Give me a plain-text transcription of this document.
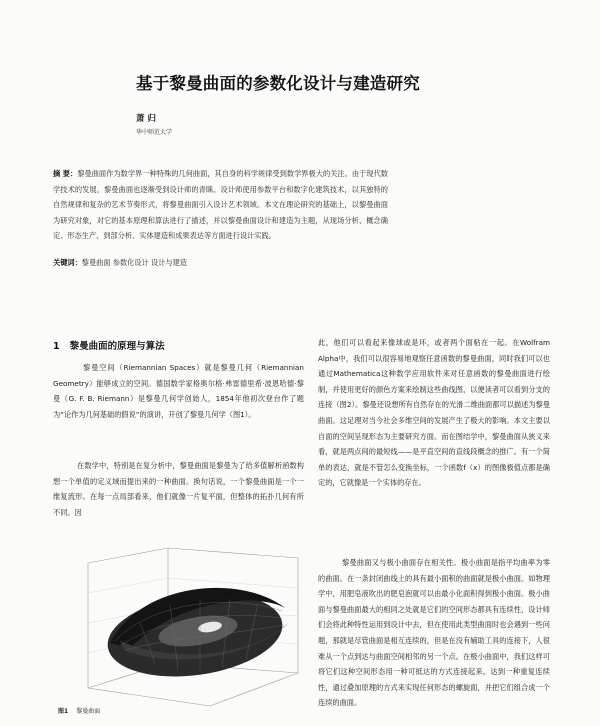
基于黎曼曲面的参数化设计与建造研究
萧 归
华中师范大学
摘 要：黎曼曲面作为数学界一种特殊的几何曲面，其自身的科学规律受到数学界极大的关注。由于现代数学技术的发展，黎曼曲面也逐渐受到设计师的青睐。设计师使用参数平台和数字化建筑技术，以其独特的自然规律和复杂的艺术节奏形式，将黎曼曲面引入设计艺术领域。本文在理论研究的基础上，以黎曼曲面为研究对象，对它的基本原理和算法进行了描述，并以黎曼曲面设计和建造为主题，从现场分析、概念确定、形态生产、到部分析、实体建造和成果表达等方面进行设计实践。
关键词：黎曼曲面 参数化设计 设计与建造
1 黎曼曲面的原理与算法
黎曼空间（Riemannian Spaces）就是黎曼几何（Riemannian Geometry）能够成立的空间。德国数学家格奥尔格·弗雷德里希·波恩哈德·黎曼（G. F. B. Riemann）是黎曼几何学创始人，1854年他初次登台作了题为“论作为几何基础的假说”的演讲，开创了黎曼几何学（图1）。
在数学中，特别是在复分析中，黎曼曲面是黎曼为了给多值解析函数构想一个单值的定义域而提出来的一种曲面。换句话说，一个黎曼曲面是一个一维复流形。在每一点局部看来，他们就像一片复平面，但整体的拓扑几何有所不同。因
此，他们可以看起来像球或是环，或者两个面粘在一起。在Wolfram Alpha中，我们可以很容易地观察任意函数的黎曼曲面，同时我们可以也通过Mathematica这种数学应用软件来对任意函数的黎曼曲面进行绘制，并使用更好的颜色方案来绘制这些曲线图，以便读者可以看到分支的连接（图2）。黎曼还设想所有自然存在的光滑二维曲面都可以描述为黎曼曲面。这足理对当今社会多维空间的发展产生了极大的影响。本文主要以自面的空间呈现形态为主要研究方面。而在图结学中，黎曼曲面从狭义来看，就是两点间的最短线——是平直空间的直线段概念的推广。有一个简单的表达，就是不管怎么变换坐标，一个函数f（x）的图像极值点都是确定的，它就像是一个实体的存在。
黎曼曲面又与极小曲面存在相关性。极小曲面是指平均曲率为零的曲面。在一条封闭曲线上的具有最小面积的曲面就是极小曲面。如物理学中，用肥皂液吹出的肥皂泡就可以由最小化面积得到极小曲面。极小曲面与黎曼曲面最大的相同之处就是它们的空间形态都具有连续性，设计师们会将此种特性运用到设计中去，但在使用此类型曲面时也会遇到一些问题，那就是尽管曲面是相互连续的，但是在没有辅助工具的连接下，人很难从一个点到达与曲面空间相邻的另一个点。在极小曲面中，我们这样可将它们这种空间形态用一种可抵达的方式连接起来，达到一种重复连续性，通过叠加原理的方式来实现任何形态的螺旋面，并把它们组合成一个连续的曲面。
图1 黎曼曲面
